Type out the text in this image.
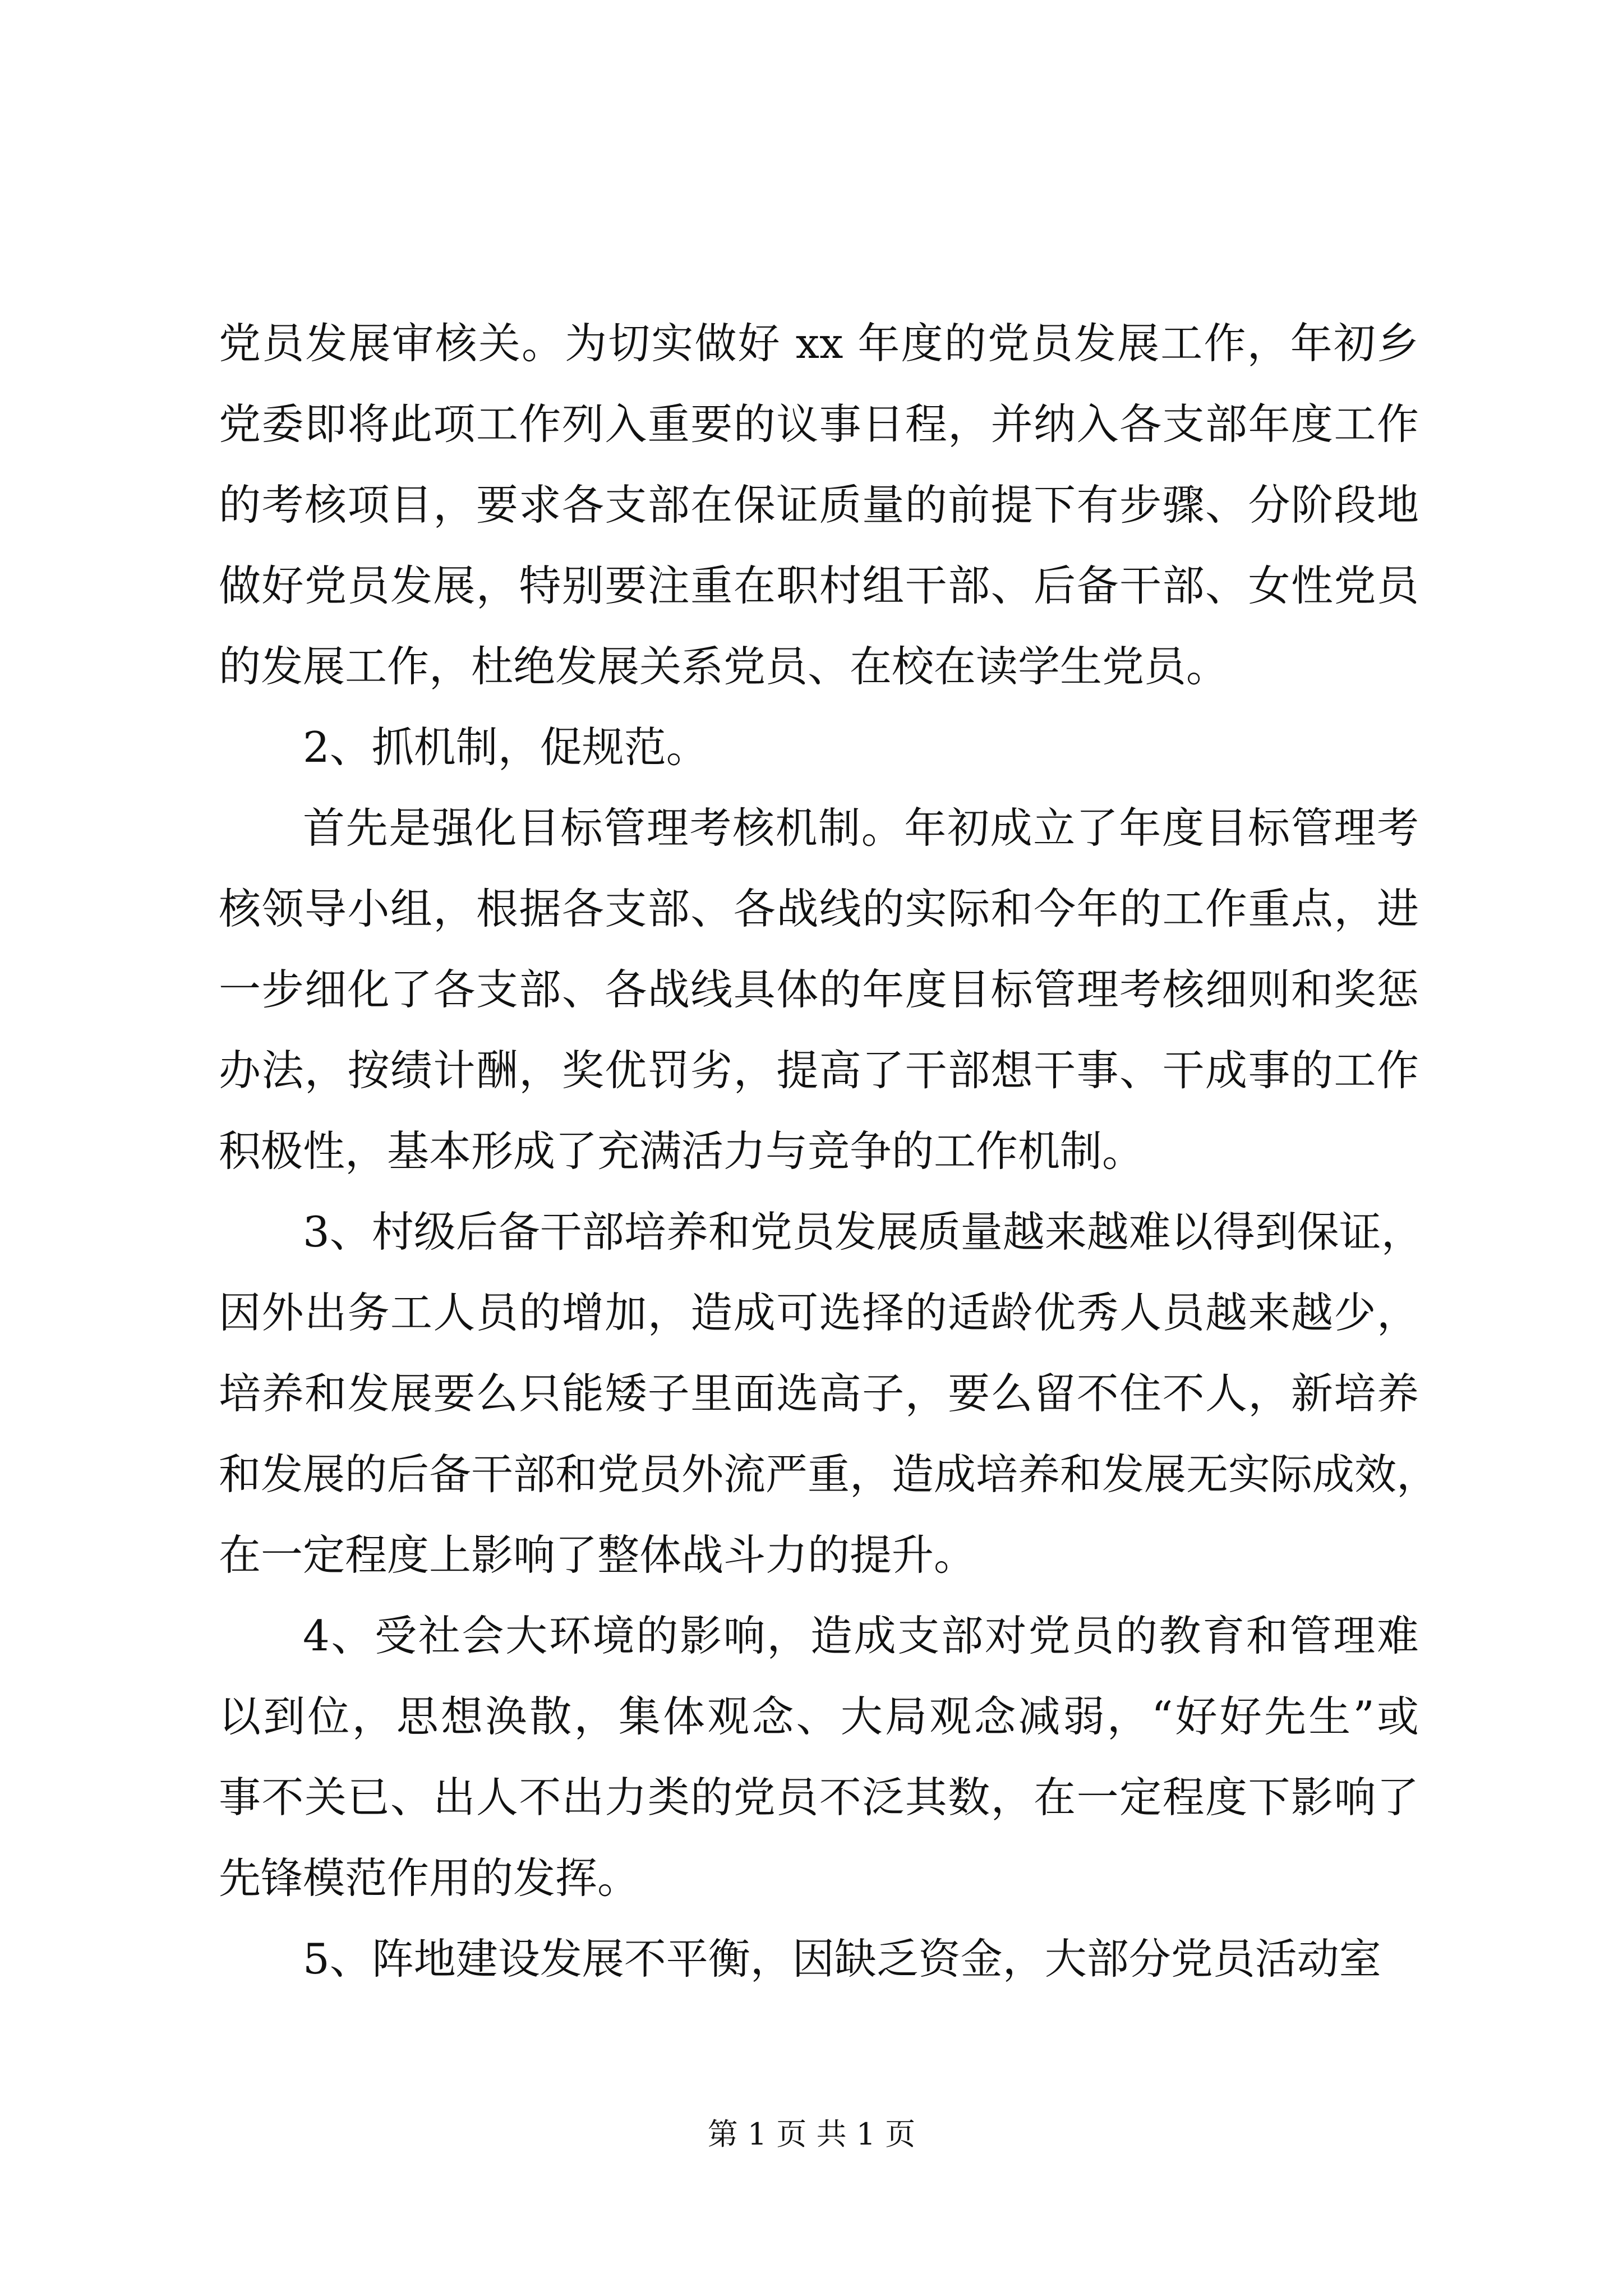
党员发展审核关。为切实做好 xx 年度的党员发展工作，年初乡
党委即将此项工作列入重要的议事日程，并纳入各支部年度工作
的考核项目，要求各支部在保证质量的前提下有步骤、分阶段地
做好党员发展，特别要注重在职村组干部、后备干部、女性党员
的发展工作，杜绝发展关系党员、在校在读学生党员。
2、抓机制，促规范。
首先是强化目标管理考核机制。年初成立了年度目标管理考
核领导小组，根据各支部、各战线的实际和今年的工作重点，进
一步细化了各支部、各战线具体的年度目标管理考核细则和奖惩
办法，按绩计酬，奖优罚劣，提高了干部想干事、干成事的工作
积极性，基本形成了充满活力与竞争的工作机制。
3、村级后备干部培养和党员发展质量越来越难以得到保证，
因外出务工人员的增加，造成可选择的适龄优秀人员越来越少，
培养和发展要么只能矮子里面选高子，要么留不住不人，新培养
和发展的后备干部和党员外流严重，造成培养和发展无实际成效，
在一定程度上影响了整体战斗力的提升。
4、受社会大环境的影响，造成支部对党员的教育和管理难
以到位，思想涣散，集体观念、大局观念减弱，“好好先生”或
事不关已、出人不出力类的党员不泛其数，在一定程度下影响了
先锋模范作用的发挥。
5、阵地建设发展不平衡，因缺乏资金，大部分党员活动室
第 1 页 共 1 页
